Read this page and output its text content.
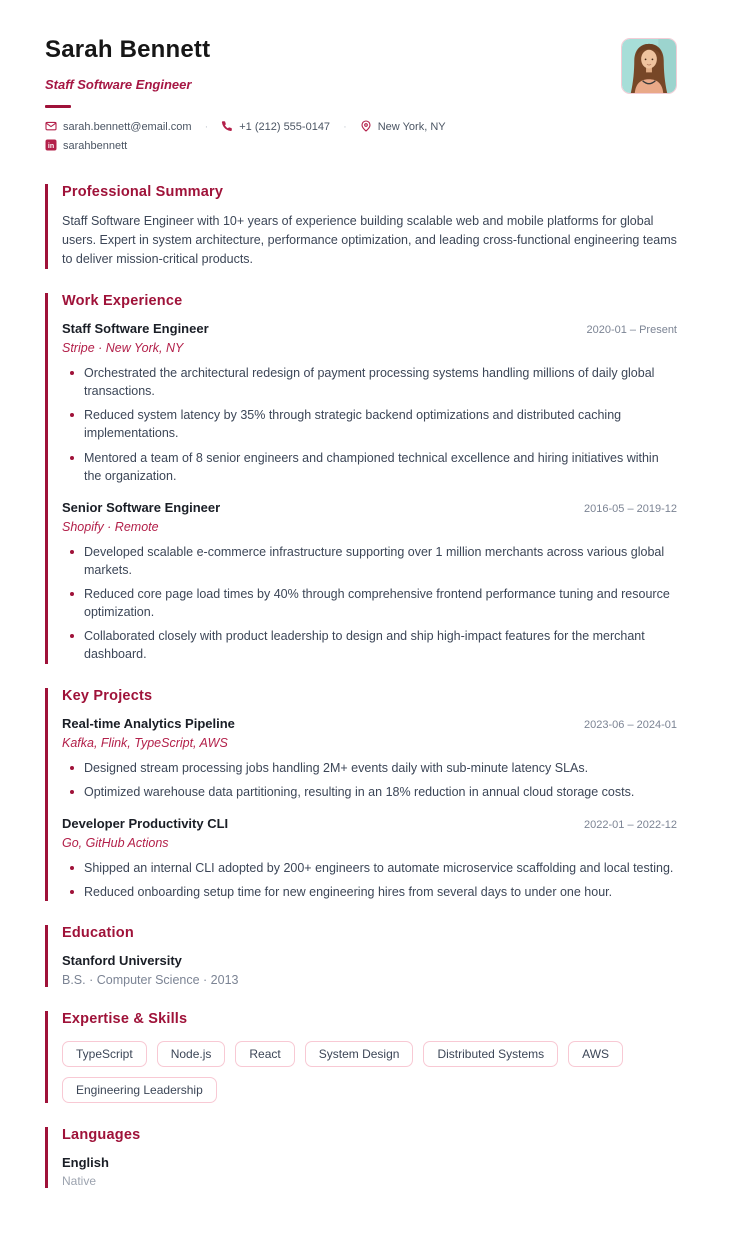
Sarah Bennett
Staff Software Engineer
sarah.bennett@email.com ·	+1 (212) 555-0147 ·	New York, NY
in sarahbennett
Professional Summary
Staff Software Engineer with 10+ years of experience building scalable web and mobile platforms for global users. Expert in system architecture, performance optimization, and leading cross-functional engineering teams to deliver mission-critical products.
Work Experience
Staff Software Engineer	2020-01 – Present
Stripe · New York, NY
Orchestrated the architectural redesign of payment processing systems handling millions of daily global transactions.
Reduced system latency by 35% through strategic backend optimizations and distributed caching implementations.
Mentored a team of 8 senior engineers and championed technical excellence and hiring initiatives within the organization.
Senior Software Engineer	2016-05 – 2019-12
Shopify · Remote
Developed scalable e-commerce infrastructure supporting over 1 million merchants across various global markets.
Reduced core page load times by 40% through comprehensive frontend performance tuning and resource optimization.
Collaborated closely with product leadership to design and ship high-impact features for the merchant dashboard.
Key Projects
Real-time Analytics Pipeline	2023-06 – 2024-01
Kafka, Flink, TypeScript, AWS
Designed stream processing jobs handling 2M+ events daily with sub-minute latency SLAs.
Optimized warehouse data partitioning, resulting in an 18% reduction in annual cloud storage costs.
Developer Productivity CLI	2022-01 – 2022-12
Go, GitHub Actions
Shipped an internal CLI adopted by 200+ engineers to automate microservice scaffolding and local testing.
Reduced onboarding setup time for new engineering hires from several days to under one hour.
Education
Stanford University
B.S. · Computer Science · 2013
Expertise & Skills
TypeScript	Node.js	React	System Design	Distributed Systems	AWS
Engineering Leadership
Languages
English
Native
